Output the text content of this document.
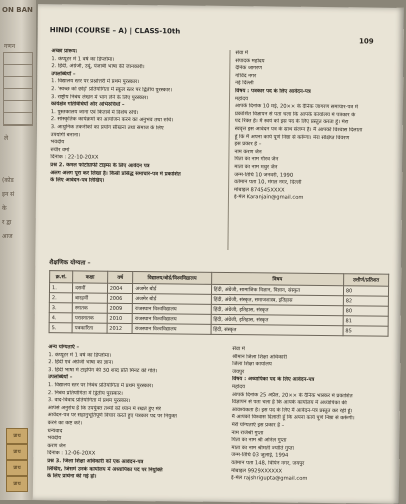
ON BAN
गणन
ले
(कोड
इन सं
के
र द्वा
आज
प्राथ
प्राथ
प्राथ
प्राथ
HINDI (COURSE – A) | CLASS-10th
109
अच्छा प्रारूप:
1. कंप्यूटर में 1 वर्ष का डिप्लोमा।
2. हिंदी, अंग्रेजी, उर्दू, पंजाबी भाषा की जानकारी।
उपलब्धियाँ –
1. विद्यालय स्तर पर प्रश्नोत्तरी में प्रथम पुरस्कार।
2. 'स्वच्छ को छोड़े' प्रतियोगिता में स्कूल स्तर पर द्वितीय पुरस्कार।
3. राष्ट्रीय निबंध लेखन में भाग लेने के लिए पुरस्कार।
कार्यक्षेत्र गतिविधियाँ और अभिरुचियाँ –
1. पुस्तकालय जाना एवं किताबें में विशेष रुचि।
2. सांस्कृतिक कार्यक्रमों का आयोजन करने का अनुभव तथा रुचि।
3. आधुनिक तकनीकों का प्रयोग सीखना तथा समाज के लिए
उपयोगी बनाना।
भवदीय
रुचीर वर्मा
दिनांक : 22-10-20XX
प्रश्न 2. कमल फोटोग्राफी टाइम्स के लिए आवेदन पत्र
अलग अलग पूरा कर लिखा है। किसी प्रसिद्ध समाचार-पत्र में प्रकाशित
के लिए आवेदन-पत्र लिखिए।
सेवा में
संपादक महोदय
दैनिक जागरण
गोविंद नगर
नई दिल्ली
विषय : पत्रकार पद के लिए आवेदन-पत्र
महोदय
आपके दिनांक 10 मई, 20×× के दैनिक जागरण समाचार-पत्र में
प्रकाशित विज्ञापन से पता चला कि आपके कार्यालय में पत्रकार के
पद रिक्त हैं। मैं स्वयं को इस पद के लिए प्रस्तुत करता हूँ। मेरा
स्ववृत्त इस आवेदन पत्र के साथ संलग्न है। मैं आपको विश्वास दिलाता
हूँ कि मैं अपना कार्य पूर्ण निष्ठा से करूँगा। मेरा संक्षिप्त विवरण
इस प्रकार है –
नाम करण जैन
पिता का नाम गौरव जैन
माता का नाम मधुर जैन
जन्म-तिथि 10 जनवरी, 1990
वर्तमान पता 10, मंगल नगर, दिल्ली
मोबाइल 874545XXXX
ई-मेल Karanjain@gmail.com
शैक्षणिक योग्यता –
क्र.सं.	कक्षा	वर्ष	विद्यालय/बोर्ड/विश्वविद्यालय	विषय	उत्तीर्ण/प्रतिशत
1.	दसवीं	2004	अजमेर बोर्ड	हिंदी, अंग्रेजी, सामाजिक विज्ञान, विज्ञान, संस्कृत	80
2.	बारहवीं	2006	अजमेर बोर्ड	हिंदी, अंग्रेजी, संस्कृत, समाजशास्त्र, इतिहास	82
3.	स्नातक	2009	राजस्थान विश्वविद्यालय	हिंदी, अंग्रेजी, इतिहास, संस्कृत	80
4.	परास्नातक	2010	राजस्थान विश्वविद्यालय	हिंदी, अंग्रेजी, इतिहास, संस्कृत	81
5.	पत्रकारिता	2012	राजस्थान विश्वविद्यालय	हिंदी, संस्कृत	85
अन्य योग्यताएँ –
1. कंप्यूटर में 1 वर्ष का डिप्लोमा।
2. हिंदी एवं अंग्रेजी भाषा का ज्ञान।
3. हिंदी भाषा में टाइपिंग की 30 शब्द प्रति मिनट की गति।
उपलब्धियाँ –
1. विद्यालय स्तर पर निबंध प्रतियोगिता में प्रथम पुरस्कार।
2. निबंध प्रतियोगिता में द्वितीय पुरस्कार।
3. वाद-विवाद प्रतियोगिता में प्रथम पुरस्कार।
आपसे अनुरोध है कि उपर्युक्त तथ्यों को ध्यान में रखते हुए मेरे
आवेदन-पत्र पर सहानुभूतिपूर्ण विचार करते हुए पत्रकार पद पर नियुक्त
करने का कष्ट करें।
धन्यवाद
भवदीय
करण जैन
दिनांक : 12-06-20XX
प्रश्न 3. जिला शिक्षा अधिकारी को एक आवेदन-पत्र
लिखिए, जिसमें उनके कार्यालय में अध्यापिका पद पर नियुक्ति
के लिए प्रार्थना की गई हो।
सेवा में
श्रीमान जिला शिक्षा अधिकारी
जिला शिक्षा कार्यालय
जयपुर
विषय : अध्यापिका पद के लिए आवेदन-पत्र
महोदय
आपके दिनांक 25 अप्रैल, 20×× के दैनिक भास्कर में प्रकाशित
विज्ञापन से पता चला है कि आपके कार्यालय में अध्यापिका की
आवश्यकता है। इस पद के लिए मैं आवेदन-पत्र प्रस्तुत कर रही हूँ।
मैं आपको विश्वास दिलाती हूँ कि अपना कार्य पूर्ण निष्ठा से करूँगी।
मेरी योग्यताएँ इस प्रकार हैं –
नाम राजेश्री गुप्ता
पिता का नाम श्री अनिल गुप्ता
माता का नाम श्रीमती ज्योति गुप्ता
जन्म-तिथि 03 जुलाई, 1994
वर्तमान पता 148, विपिन नगर, जयपुर
मोबाइल 9929XXXXXX
ई-मेल rajshrigupta@gmail.com
